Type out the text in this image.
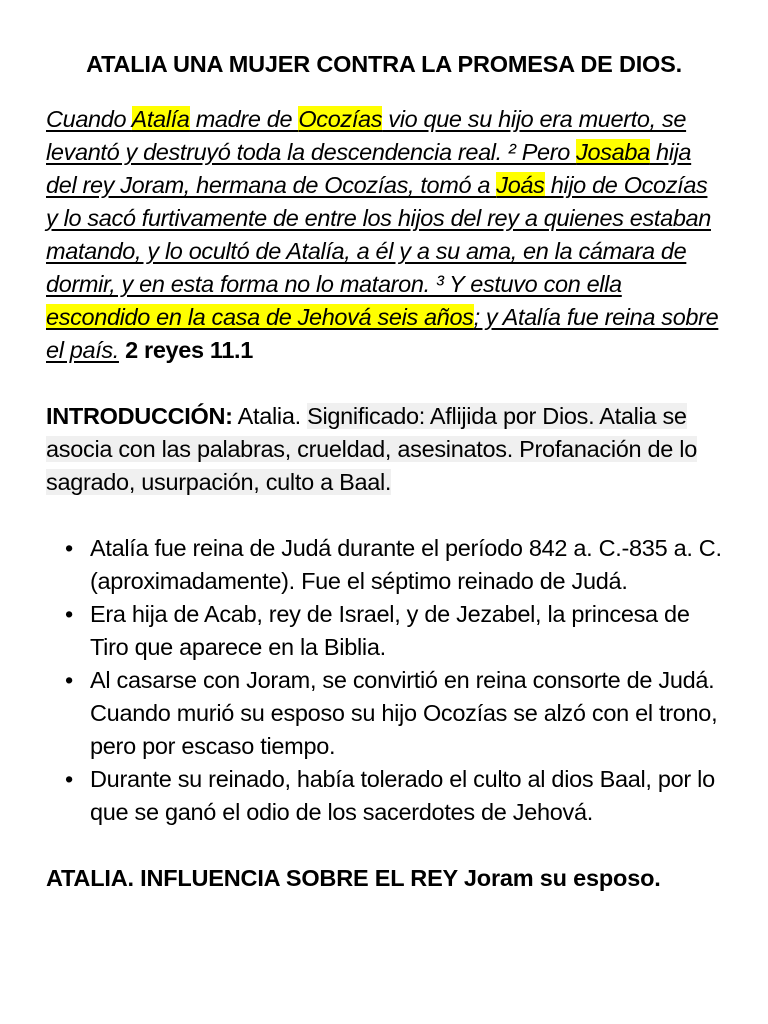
ATALIA UNA MUJER CONTRA LA PROMESA DE DIOS.

Cuando Atalía madre de Ocozías vio que su hijo era muerto, se levantó y destruyó toda la descendencia real. ² Pero Josaba hija del rey Joram, hermana de Ocozías, tomó a Joás hijo de Ocozías y lo sacó furtivamente de entre los hijos del rey a quienes estaban matando, y lo ocultó de Atalía, a él y a su ama, en la cámara de dormir, y en esta forma no lo mataron. ³ Y estuvo con ella escondido en la casa de Jehová seis años; y Atalía fue reina sobre el país. 2 reyes 11.1

INTRODUCCIÓN: Atalia. Significado: Aflijida por Dios. Atalia se asocia con las palabras, crueldad, asesinatos. Profanación de lo sagrado, usurpación, culto a Baal.

• Atalía fue reina de Judá durante el período 842 a. C.-835 a. C. (aproximadamente). Fue el séptimo reinado de Judá.
• Era hija de Acab, rey de Israel, y de Jezabel, la princesa de Tiro que aparece en la Biblia.
• Al casarse con Joram, se convirtió en reina consorte de Judá. Cuando murió su esposo su hijo Ocozías se alzó con el trono, pero por escaso tiempo.
• Durante su reinado, había tolerado el culto al dios Baal, por lo que se ganó el odio de los sacerdotes de Jehová.
ATALIA. INFLUENCIA SOBRE EL REY Joram su esposo.
